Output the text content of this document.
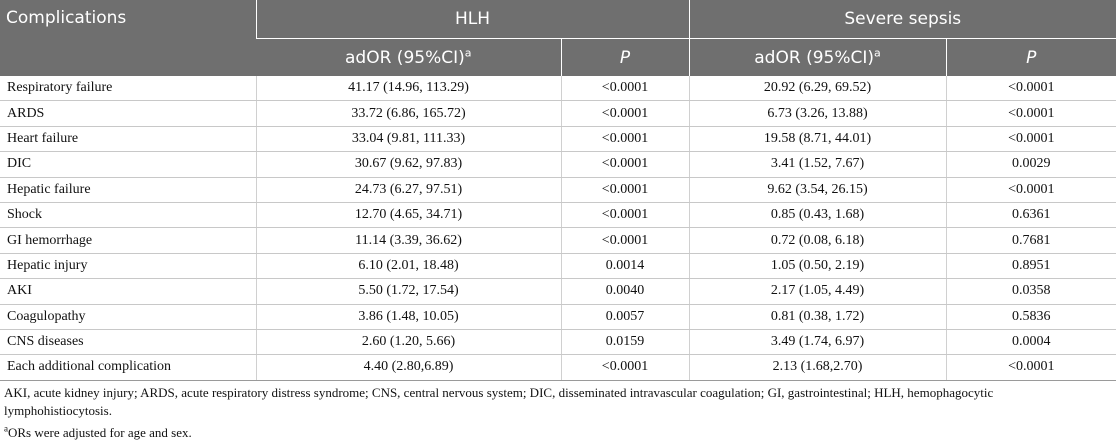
Complications	HLH		Severe sepsis	
	adOR $(95\%CI)^a$	P	adOR $(95\%CI)^a$	P
Respiratory failure	41.17 (14.96, 113.29)	<0.0001	20.92 (6.29, 69.52)	<0.0001
ARDS	33.72 (6.86, 165.72)	<0.0001	6.73 (3.26, 13.88)	<0.0001
Heart failure	33.04 (9.81, 111.33)	<0.0001	19.58 (8.71, 44.01)	<0.0001
DIC	30.67 (9.62, 97.83)	<0.0001	3.41 (1.52, 7.67)	0.0029
Hepatic failure	24.73 (6.27, 97.51)	<0.0001	9.62 (3.54, 26.15)	<0.0001
Shock	12.70 (4.65, 34.71)	<0.0001	0.85 (0.43, 1.68)	0.6361
GI hemorrhage	11.14 (3.39, 36.62)	<0.0001	0.72 (0.08, 6.18)	0.7681
Hepatic injury	6.10 (2.01, 18.48)	0.0014	1.05 (0.50, 2.19)	0.8951
AKI	5.50 (1.72, 17.54)	0.0040	2.17 (1.05, 4.49)	0.0358
Coagulopathy	3.86 (1.48, 10.05)	0.0057	0.81 (0.38, 1.72)	0.5836
CNS diseases	2.60 (1.20, 5.66)	0.0159	3.49 (1.74, 6.97)	0.0004
Each additional complication	4.40 (2.80,6.89)	<0.0001	2.13 (1.68,2.70)	<0.0001

AKI, acute kidney injury; ARDS, acute respiratory distress syndrome; CNS, central nervous system; DIC, disseminated intravascular coagulation; GI, gastrointestinal; HLH, hemophagocytic lymphohistiocytosis.

$^a$ORs were adjusted for age and sex.
